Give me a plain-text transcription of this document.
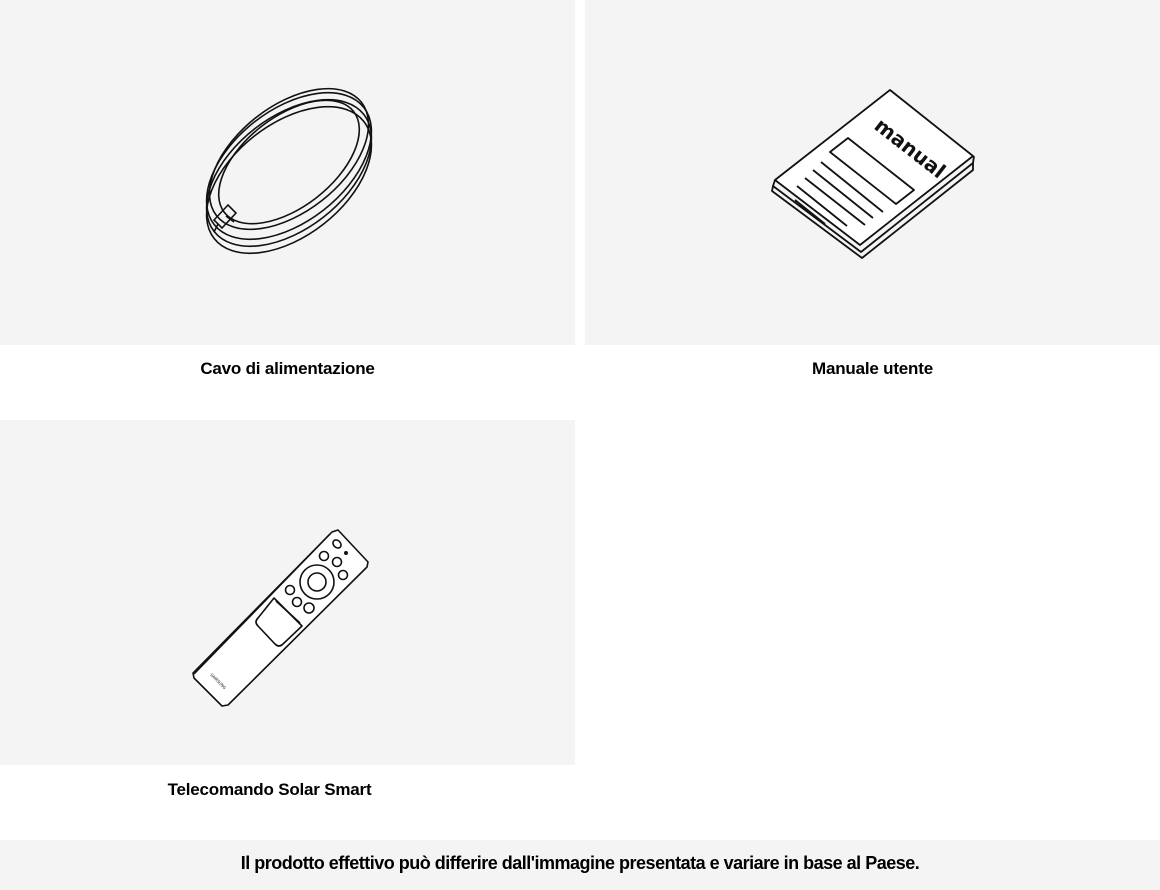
Cavo di alimentazione
manual
Manuale utente
SAMSUNG
Telecomando Solar Smart
Il prodotto effettivo può differire dall'immagine presentata e variare in base al Paese.
